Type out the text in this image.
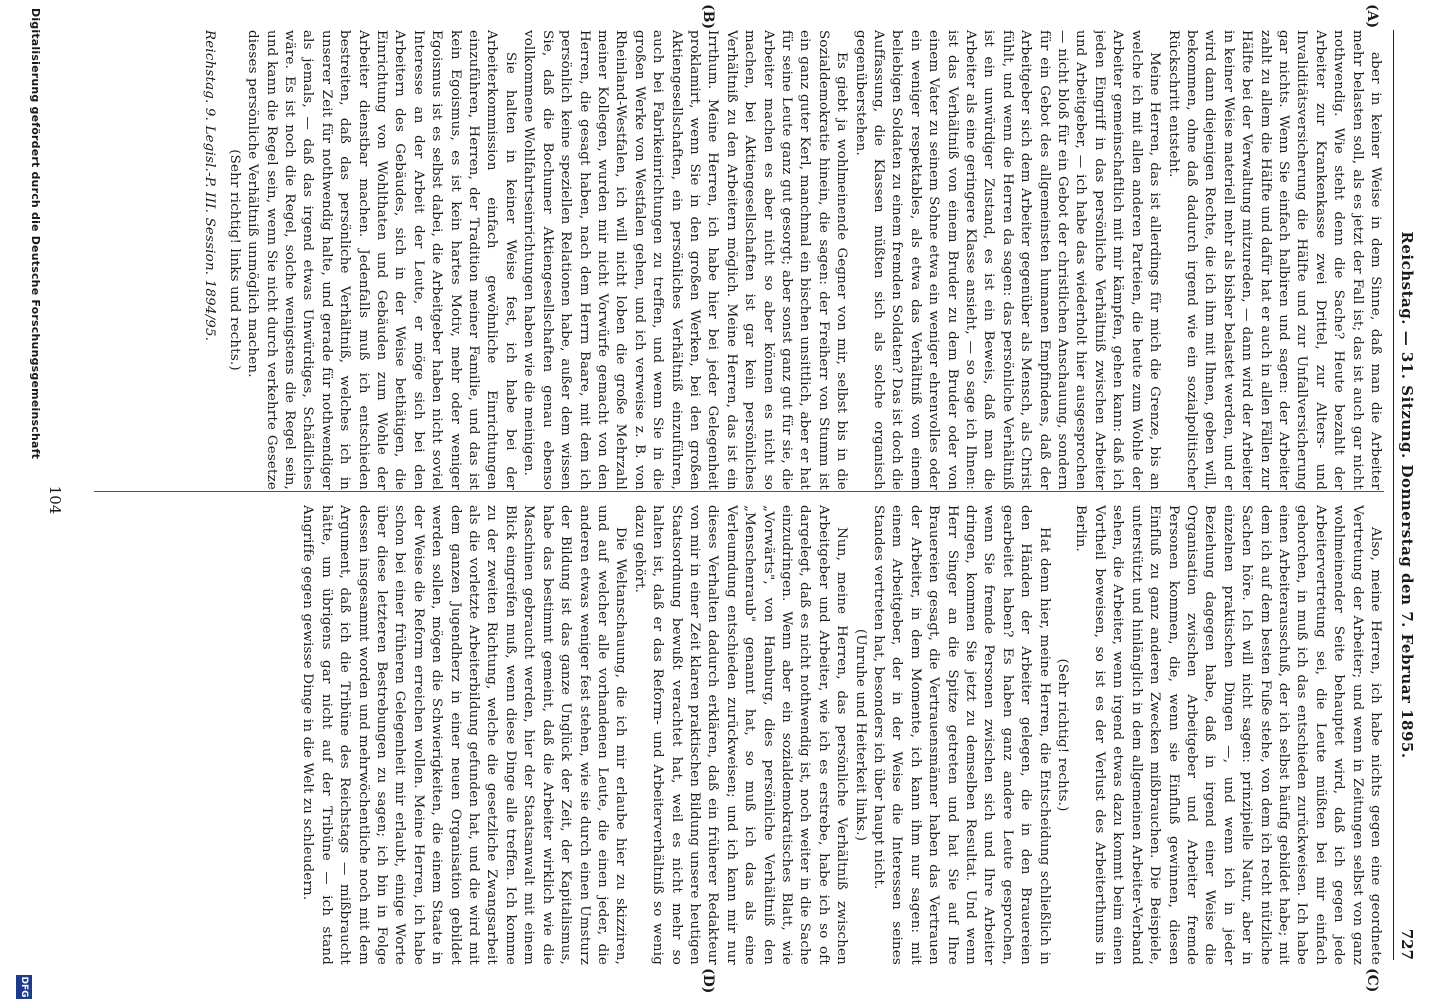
Reichstag. — 31. Sitzung. Donnerstag den 7. Februar 1895.
727
(A)
(B)
(C)
(D)

aber in keiner Weise in dem Sinne, daß man die Arbeiter mehr belasten soll, als es jetzt der Fall ist; das ist auch gar nicht nothwendig. Wie steht denn die Sache? Heute bezahlt der Arbeiter zur Krankenkasse zwei Drittel, zur Alters- und Invaliditätsversicherung die Hälfte und zur Unfallversicherung gar nichts. Wenn Sie einfach halbiren und sagen: der Arbeiter zahlt zu allem die Hälfte und dafür hat er auch in allen Fällen zur Hälfte bei der Verwaltung mitzureden, — dann wird der Arbeiter in keiner Weise materiell mehr als bisher belastet werden, und er wird dann diejenigen Rechte, die ich ihm mit Ihnen, geben will, bekommen, ohne daß dadurch irgend wie ein sozialpolitischer Rückschritt entsteht.

Meine Herren, das ist allerdings für mich die Grenze, bis an welche ich mit allen anderen Parteien, die heute zum Wohle der Arbeiter gemeinschaftlich mit mir kämpfen, gehen kann: daß ich jeden Eingriff in das persönliche Verhältniß zwischen Arbeiter und Arbeitgeber, — ich habe das wiederholt hier ausgesprochen — nicht bloß für ein Gebot der christlichen Anschauung, sondern für ein Gebot des allgemeinsten humanen Empfindens, daß der Arbeitgeber sich dem Arbeiter gegenüber als Mensch, als Christ fühlt, und wenn die Herren da sagen: das persönliche Verhältniß ist ein unwürdiger Zustand, es ist ein Beweis, daß man die Arbeiter als eine geringere Klasse ansieht, — so sage ich Ihnen: ist das Verhältniß von einem Bruder zu dem Bruder oder von einem Vater zu seinem Sohne etwa ein weniger ehrenvolles oder ein weniger respektables, als etwa das Verhältniß von einem beliebigen Soldaten zu einem fremden Soldaten? Das ist doch die Auffassung, die Klassen müßten sich als solche organisch gegenüberstehen.

Es giebt ja wohlmeinende Gegner von mir, selbst bis in die Sozialdemokratie hinein, die sagen: der Freiherr von Stumm ist ein ganz guter Kerl, manchmal ein bischen unsittlich, aber er hat für seine Leute ganz gut gesorgt; aber sonst ganz gut für sie, die Arbeiter machen es aber nicht so aber können es nicht so machen, bei Aktiengesellschaften ist gar kein persönliches Verhältniß zu den Arbeitern möglich. Meine Herren, das ist ein Irrthum. Meine Herren, ich habe hier bei jeder Gelegenheit proklamirt, wenn Sie in den großen Werken, bei den großen Aktiengesellschaften, ein persönliches Verhältniß einzuführen, auch bei Fabrikeinrichtungen zu treffen, und wenn Sie in die großen Werke von Westfalen gehen, und ich verweise z. B. von Rheinland-Westfalen, ich will nicht loben die große Mehrzahl meiner Kollegen, wurden mir nicht Vorwürfe gemacht von den Herren, die gesagt haben, nach dem Herrn Baare, mit dem ich persönlich keine speziellen Relationen habe, außer dem wissen Sie, daß die Bochumer Aktiengesellschaften genau ebenso vollkommene Wohlfahrtseinrichtungen haben wie die meinigen.

Sie halten in keiner Weise fest, ich habe bei der Arbeiterkommission einfach gewöhnliche Einrichtungen einzuführen, Herren, der Tradition meiner Familie, und das ist kein Egoismus, es ist kein hartes Motiv, mehr oder weniger Egoismus ist es selbst dabei, die Arbeitgeber haben nicht soviel Interesse an der Arbeit der Leute, er möge sich bei den Arbeitern des Gebäudes, sich in der Weise bethätigen, die Einrichtung von Wohlthaten und Gebäuden zum Wohle der Arbeiter dienstbar machen. Jedenfalls muß ich entschieden bestreiten, daß das persönliche Verhältniß, welches ich in unserer Zeit für nothwendig halte, und gerade für nothwendiger als jemals, — daß das irgend etwas Unwürdiges, Schädliches wäre. Es ist noch die Regel, solche wenigstens die Regel sein, und kann die Regel sein, wenn Sie nicht durch verkehrte Gesetze dieses persönliche Verhältniß unmöglich machen.

(Sehr richtig! links und rechts.)

Reichstag. 9. Legisl.-P. III. Session. 1894/95.

Also, meine Herren, ich habe nichts gegen eine geordnete Vertretung der Arbeiter; und wenn in Zeitungen selbst von ganz wohlmeinender Seite behauptet wird, daß ich gegen jede Arbeitervertretung sei, die Leute müßten bei mir einfach gehorchen, in muß ich das entschieden zurückweisen. Ich habe einen Arbeiterausschuß, der ich selbst häufig gebildet habe; mit dem ich auf dem besten Fuße stehe, von dem ich recht nützliche Sachen höre. Ich will nicht sagen: prinzipielle Natur, aber in einzelnen praktischen Dingen —, und wenn ich in jeder Beziehung dagegen habe, daß in irgend einer Weise die Organisation zwischen Arbeitgeber und Arbeiter fremde Personen kommen, die, wenn sie Einfluß gewinnen, diesen Einfluß zu ganz anderen Zwecken mißbrauchen. Die Beispiele, unterstützt und hinlänglich in dem allgemeinen Arbeiter-Verband sehen, die Arbeiter, wenn irgend etwas dazu kommt beim einen Vortheil beweisen, so ist es der Verlust des Arbeiterthums in Berlin.

(Sehr richtig! rechts.)

Hat denn hier, meine Herren, die Entscheidung schließlich in den Händen der Arbeiter gelegen, die in den Brauereien gearbeitet haben? Es haben ganz andere Leute gesprochen, wenn Sie fremde Personen zwischen sich und Ihre Arbeiter dringen, kommen Sie jetzt zu demselben Resultat. Und wenn Herr Singer an die Spitze getreten und hat Sie auf Ihre Brauereien gesagt, die Vertrauensmänner haben das Vertrauen der Arbeiter, in dem Momente, ich kann ihm nur sagen: mit einem Arbeitgeber, der in der Weise die Interessen seines Standes vertreten hat, besonders ich über haupt nicht.

(Unruhe und Heiterkeit links.)

Nun, meine Herren, das persönliche Verhältniß zwischen Arbeitgeber und Arbeiter, wie ich es erstrebe, habe ich so oft dargelegt, daß es nicht nothwendig ist, noch weiter in die Sache einzudringen. Wenn aber ein sozialdemokratisches Blatt, wie „Vorwärts", von Hamburg, dies persönliche Verhältniß den „Menschenraub" genannt hat, so muß ich das als eine Verleumdung entschieden zurückweisen; und ich kann mir nur dieses Verhalten dadurch erklären, daß ein früherer Redakteur von mir in einer Zeit klaren praktischen Bildung unsere heutigen Staatsordnung bewußt verachtet hat, weil es nicht mehr so halten ist, daß er das Reform- und Arbeiterverhältniß so wenig dazu gehört.

Die Weltanschauung, die ich mir erlaube hier zu skizziren, und auf welcher alle vorhandenen Leute, die einen jeder, die anderen etwas weniger fest stehen, wie sie durch einen Umsturz der Bildung ist das ganze Unglück der Zeit, der Kapitalismus, habe das bestimmt gemeint, daß die Arbeiter wirklich wie die Maschinen gebraucht werden, hier der Staatsanwalt mit einem Blick eingreifen muß, wenn diese Dinge alle treffen. Ich komme zu der zweiten Richtung, welche die gesetzliche Zwangsarbeit als die vorletzte Arbeiterbildung gefunden hat, und die wird mit dem ganzen Jugendherz in einer neuen Organisation gebildet werden sollen, mögen die Schwierigkeiten, die einem Staate in der Weise die Reform erreichen wollen. Meine Herren, ich habe schon bei einer früheren Gelegenheit mir erlaubt, einige Worte über diese letzteren Bestrebungen zu sagen; ich bin in Folge dessen insgesammt worden und mehrwöchentliche noch mit dem Argument, daß ich die Tribüne des Reichstags — mißbraucht hätte, um übrigens gar nicht auf der Tribüne — ich stand Angriffe gegen gewisse Dinge in die Welt zu schleudern.

104
Digitalisierung gefördert durch die Deutsche Forschungsgemeinschaft
DFG
